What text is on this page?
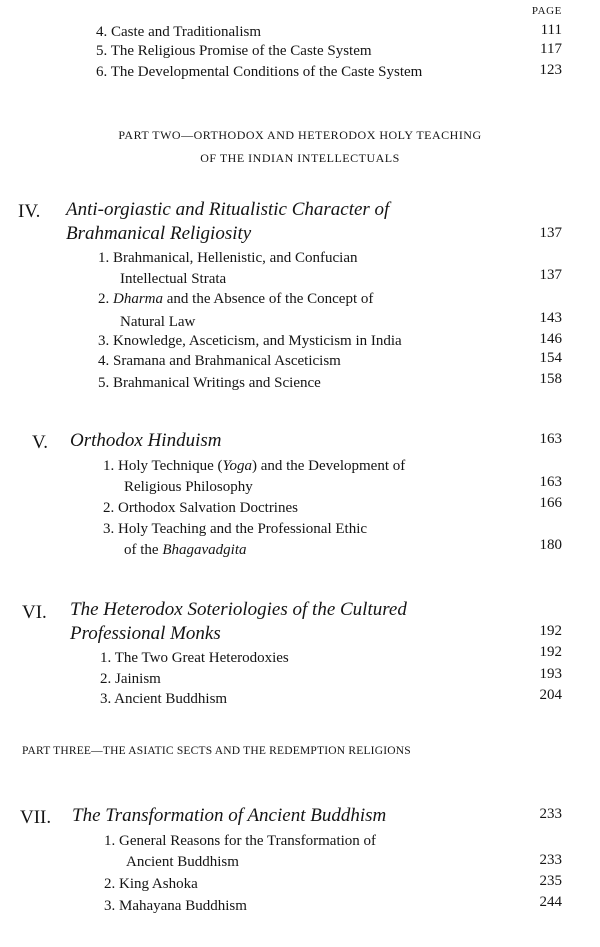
PAGE
4. Caste and Traditionalism	111
5. The Religious Promise of the Caste System	117
6. The Developmental Conditions of the Caste System	123
PART TWO—ORTHODOX AND HETERODOX HOLY TEACHING
OF THE INDIAN INTELLECTUALS
IV. Anti-orgiastic and Ritualistic Character of
Brahmanical Religiosity	137
1. Brahmanical, Hellenistic, and Confucian
Intellectual Strata	137
2. Dharma and the Absence of the Concept of
Natural Law	143
3. Knowledge, Asceticism, and Mysticism in India	146
4. Sramana and Brahmanical Asceticism	154
5. Brahmanical Writings and Science	158
V. Orthodox Hinduism	163
1. Holy Technique (Yoga) and the Development of
Religious Philosophy	163
2. Orthodox Salvation Doctrines	166
3. Holy Teaching and the Professional Ethic
of the Bhagavadgita	180
VI. The Heterodox Soteriologies of the Cultured
Professional Monks	192
1. The Two Great Heterodoxies	192
2. Jainism	193
3. Ancient Buddhism	204
PART THREE—THE ASIATIC SECTS AND THE REDEMPTION RELIGIONS
VII. The Transformation of Ancient Buddhism	233
1. General Reasons for the Transformation of
Ancient Buddhism	233
2. King Ashoka	235
3. Mahayana Buddhism	244
